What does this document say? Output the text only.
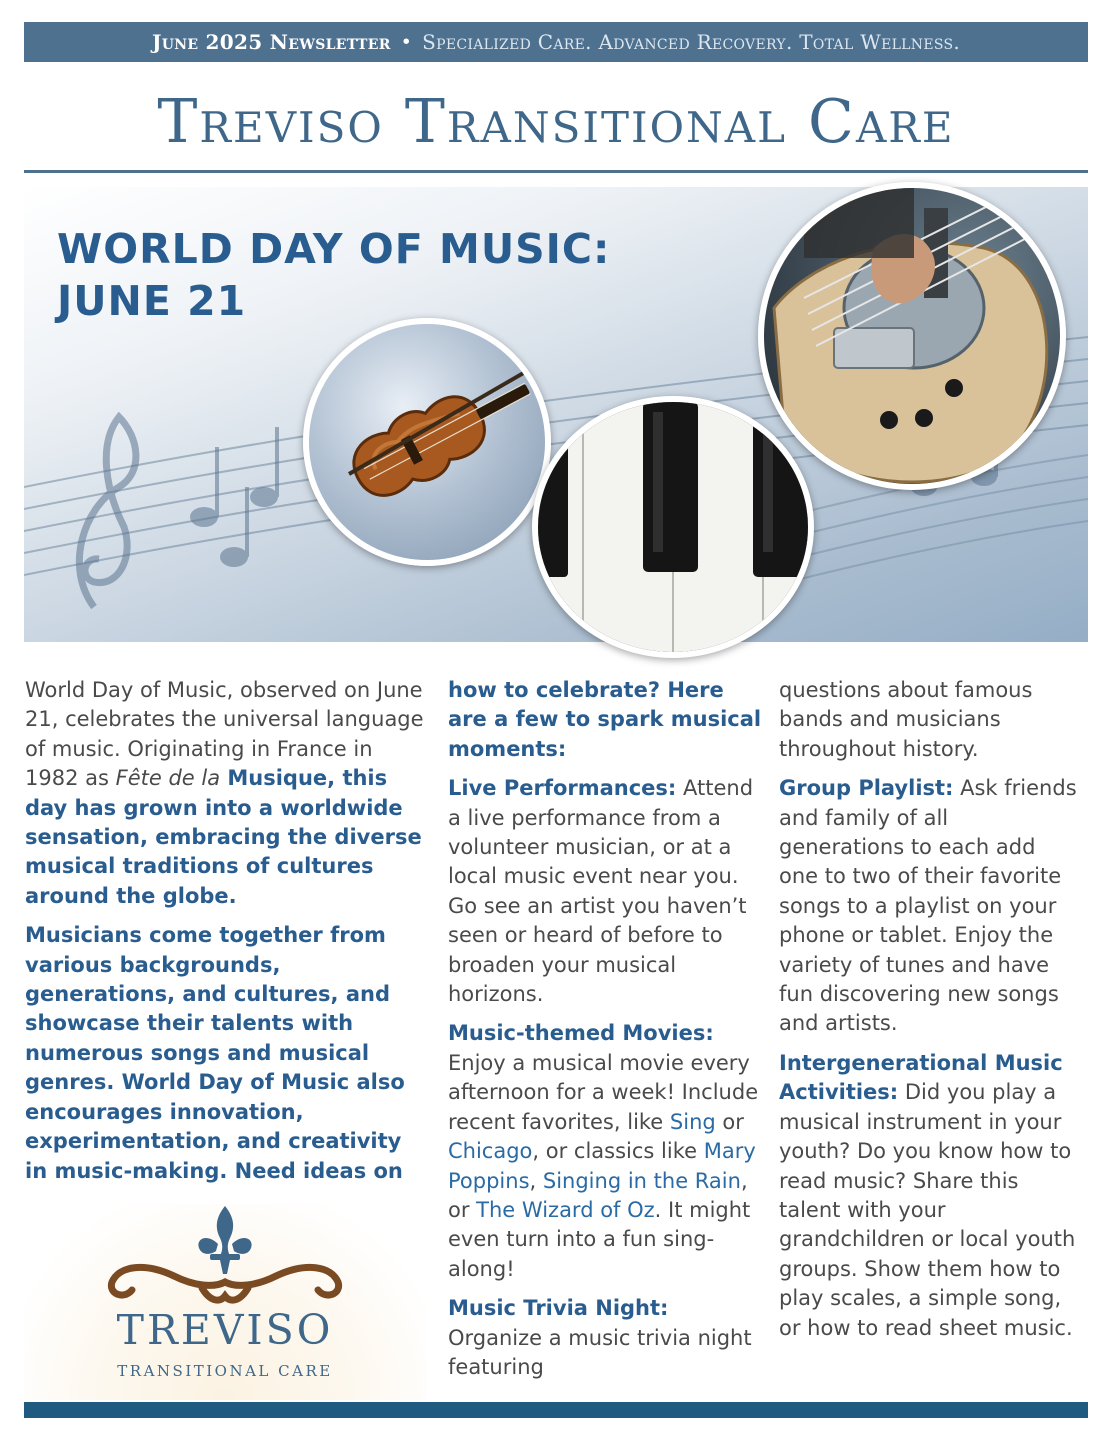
June 2025 Newsletter • Specialized Care. Advanced Recovery. Total Wellness.
Treviso Transitional Care
WORLD DAY OF MUSIC:
JUNE 21

World Day of Music, observed on June 21, celebrates the universal language of music. Originating in France in 1982 as Fête de la Musique, this day has grown into a worldwide sensation, embracing the diverse musical traditions of cultures around the globe.

Musicians come together from various backgrounds, generations, and cultures, and showcase their talents with numerous songs and musical genres. World Day of Music also encourages innovation, experimentation, and creativity in music-making. Need ideas on

how to celebrate? Here are a few to spark musical moments:

Live Performances: Attend a live performance from a volunteer musician, or at a local music event near you. Go see an artist you haven’t seen or heard of before to broaden your musical horizons.

Music-themed Movies: Enjoy a musical movie every afternoon for a week! Include recent favorites, like Sing or Chicago, or classics like Mary Poppins, Singing in the Rain, or The Wizard of Oz. It might even turn into a fun sing-along!

Music Trivia Night: Organize a music trivia night featuring

questions about famous bands and musicians throughout history.

Group Playlist: Ask friends and family of all generations to each add one to two of their favorite songs to a playlist on your phone or tablet. Enjoy the variety of tunes and have fun discovering new songs and artists.

Intergenerational Music Activities: Did you play a musical instrument in your youth? Do you know how to read music? Share this talent with your grandchildren or local youth groups. Show them how to play scales, a simple song, or how to read sheet music.

TREVISO
TRANSITIONAL CARE
